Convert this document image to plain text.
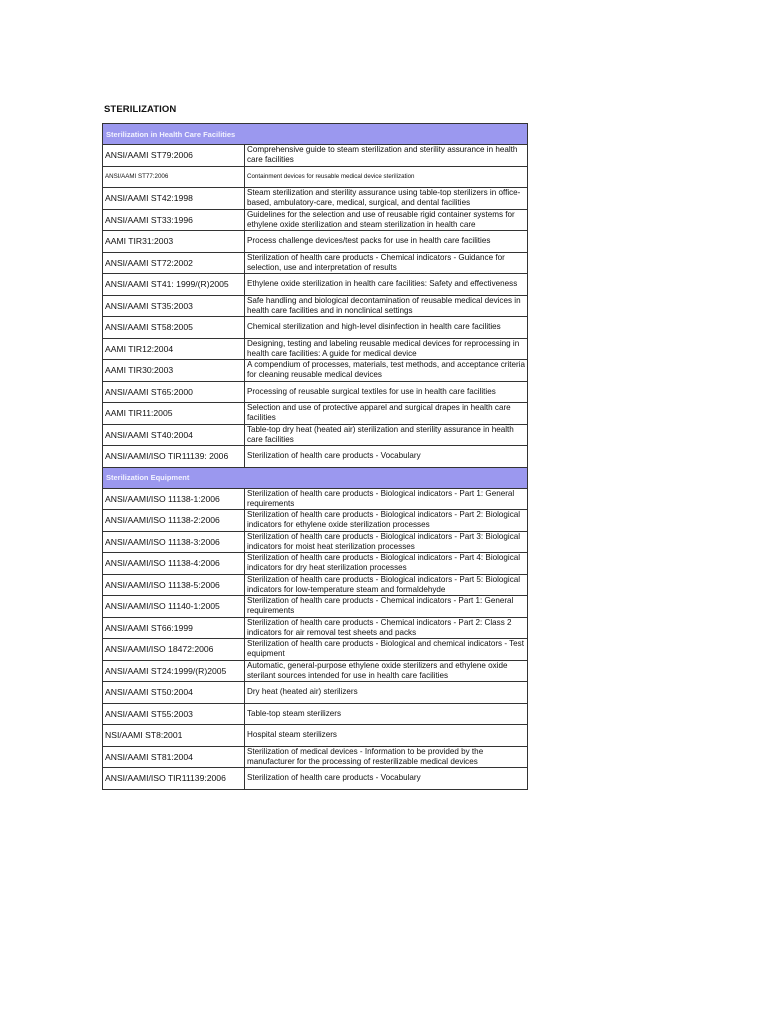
STERILIZATION
Sterilization in Health Care Facilities	
ANSI/AAMI ST79:2006	Comprehensive guide to steam sterilization and sterility assurance in health care facilities
ANSI/AAMI ST77:2006	Containment devices for reusable medical device sterilization
ANSI/AAMI ST42:1998	Steam sterilization and sterility assurance using table-top sterilizers in office-based, ambulatory-care, medical, surgical, and dental facilities
ANSI/AAMI ST33:1996	Guidelines for the selection and use of reusable rigid container systems for ethylene oxide sterilization and steam sterilization in health care
AAMI TIR31:2003	Process challenge devices/test packs for use in health care facilities
ANSI/AAMI ST72:2002	Sterilization of health care products - Chemical indicators - Guidance for selection, use and interpretation of results
ANSI/AAMI ST41: 1999/(R)2005	Ethylene oxide sterilization in health care facilities: Safety and effectiveness
ANSI/AAMI ST35:2003	Safe handling and biological decontamination of reusable medical devices in health care facilities and in nonclinical settings
ANSI/AAMI ST58:2005	Chemical sterilization and high-level disinfection in health care facilities
AAMI TIR12:2004	Designing, testing and labeling reusable medical devices for reprocessing in health care facilities: A guide for medical device
AAMI TIR30:2003	A compendium of processes, materials, test methods, and acceptance criteria for cleaning reusable medical devices
ANSI/AAMI ST65:2000	Processing of reusable surgical textiles for use in health care facilities
AAMI TIR11:2005	Selection and use of protective apparel and surgical drapes in health care facilities
ANSI/AAMI ST40:2004	Table-top dry heat (heated air) sterilization and sterility assurance in health care facilities
ANSI/AAMI/ISO TIR11139: 2006	Sterilization of health care products - Vocabulary
Sterilization Equipment	
ANSI/AAMI/ISO 11138-1:2006	Sterilization of health care products - Biological indicators - Part 1: General requirements
ANSI/AAMI/ISO 11138-2:2006	Sterilization of health care products - Biological indicators - Part 2: Biological indicators for ethylene oxide sterilization processes
ANSI/AAMI/ISO 11138-3:2006	Sterilization of health care products - Biological indicators - Part 3: Biological indicators for moist heat sterilization processes
ANSI/AAMI/ISO 11138-4:2006	Sterilization of health care products - Biological indicators - Part 4: Biological indicators for dry heat sterilization processes
ANSI/AAMI/ISO 11138-5:2006	Sterilization of health care products - Biological indicators - Part 5: Biological indicators for low-temperature steam and formaldehyde
ANSI/AAMI/ISO 11140-1:2005	Sterilization of health care products - Chemical indicators - Part 1: General requirements
ANSI/AAMI ST66:1999	Sterilization of health care products - Chemical indicators - Part 2: Class 2 indicators for air removal test sheets and packs
ANSI/AAMI/ISO 18472:2006	Sterilization of health care products - Biological and chemical indicators - Test equipment
ANSI/AAMI ST24:1999/(R)2005	Automatic, general-purpose ethylene oxide sterilizers and ethylene oxide sterilant sources intended for use in health care facilities
ANSI/AAMI ST50:2004	Dry heat (heated air) sterilizers
ANSI/AAMI ST55:2003	Table-top steam sterilizers
NSI/AAMI ST8:2001	Hospital steam sterilizers
ANSI/AAMI ST81:2004	Sterilization of medical devices - Information to be provided by the manufacturer for the processing of resterilizable medical devices
ANSI/AAMI/ISO TIR11139:2006	Sterilization of health care products - Vocabulary
